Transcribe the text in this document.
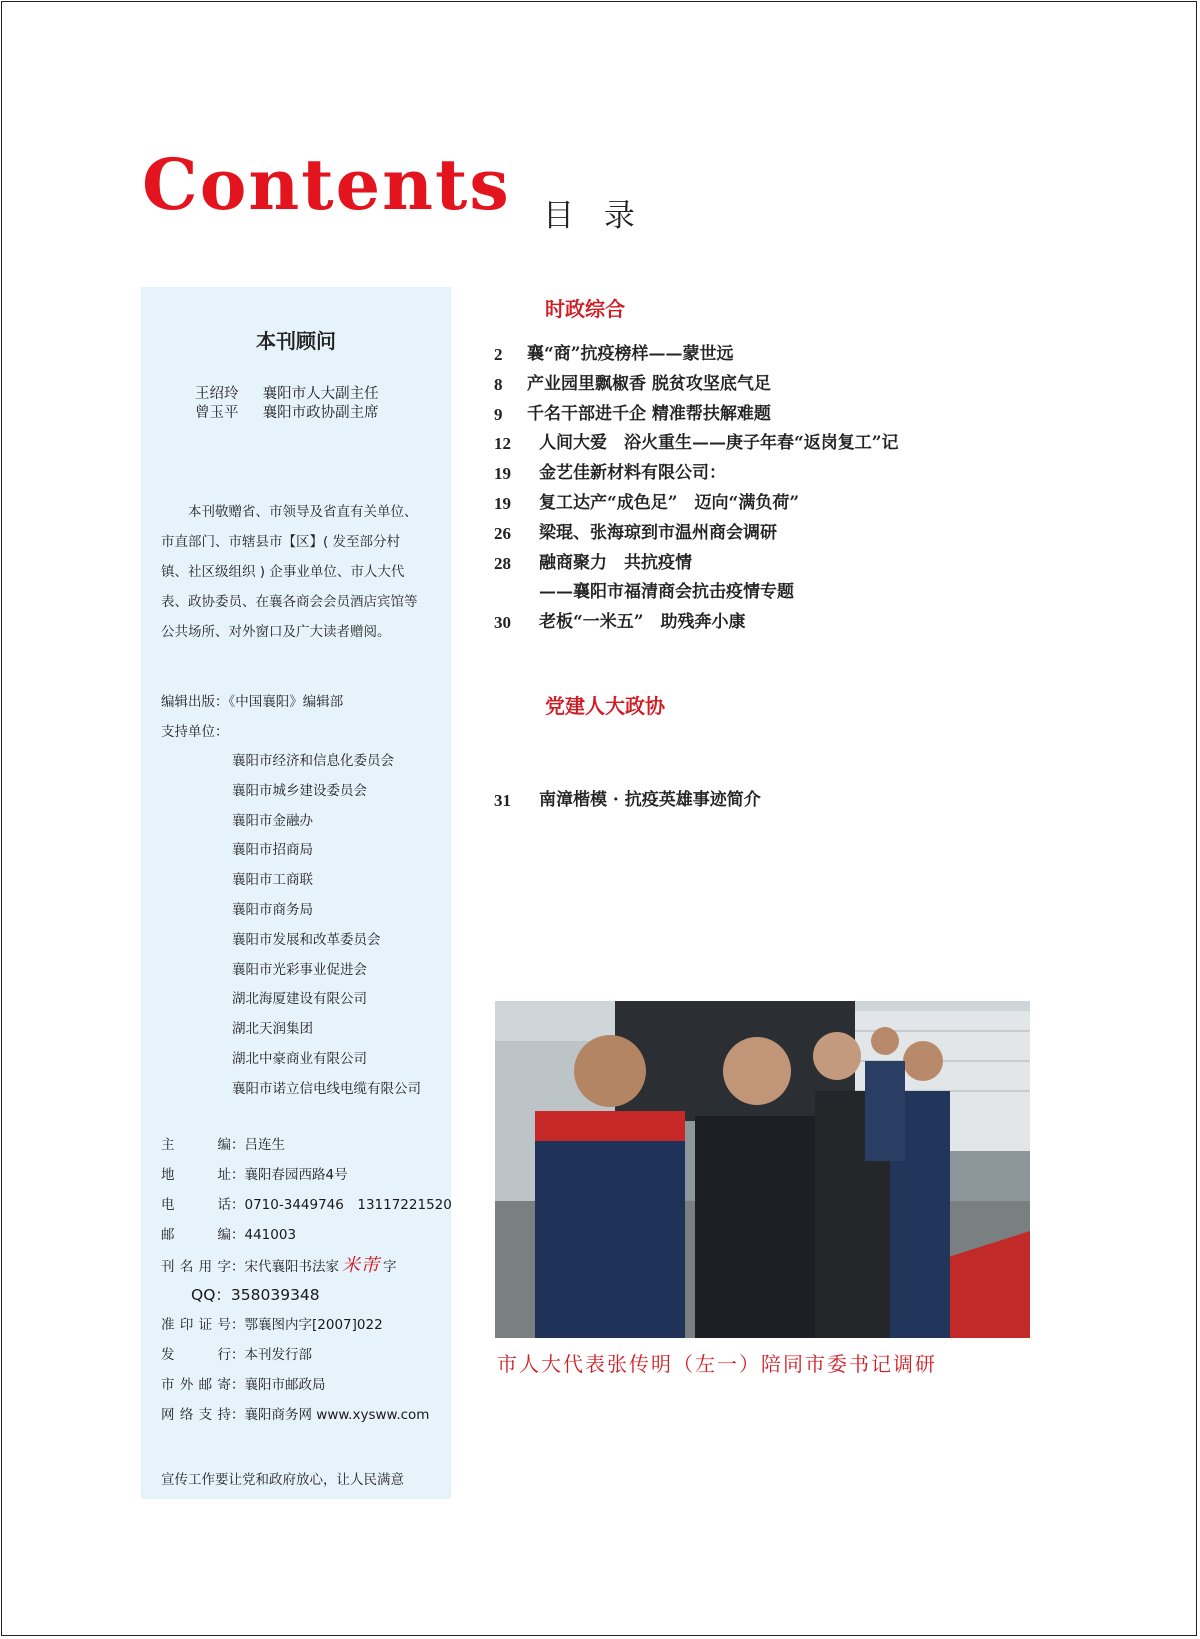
Contents 目 录
本刊顾问
王绍玲 襄阳市人大副主任
曾玉平 襄阳市政协副主席
本刊敬赠省、市领导及省直有关单位、市直部门、市辖县市【区】( 发至部分村镇、社区级组织 ) 企事业单位、市人大代表、政协委员、在襄各商会会员酒店宾馆等公共场所、对外窗口及广大读者赠阅。
编辑出版：《中国襄阳》编辑部
支持单位：
襄阳市经济和信息化委员会
襄阳市城乡建设委员会
襄阳市金融办
襄阳市招商局
襄阳市工商联
襄阳市商务局
襄阳市发展和改革委员会
襄阳市光彩事业促进会
湖北海厦建设有限公司
湖北天润集团
湖北中豪商业有限公司
襄阳市诺立信电线电缆有限公司
主 编：吕连生
地 址：襄阳春园西路4号
电 话：0710-3449746　13117221520
邮 编：441003
刊名用字：宋代襄阳书法家 米芾 字
QQ：358039348
准印证号：鄂襄图内字[2007]022
发 行：本刊发行部
市外邮寄：襄阳市邮政局
网络支持：襄阳商务网 www.xysww.com
宣传工作要让党和政府放心，让人民满意
时政综合
2 襄“商”抗疫榜样——蒙世远
8 产业园里飘椒香 脱贫攻坚底气足
9 千名干部进千企 精准帮扶解难题
12 人间大爱　浴火重生——庚子年春“返岗复工”记
19 金艺佳新材料有限公司：
19 复工达产“成色足”　迈向“满负荷”
26 梁琨、张海琼到市温州商会调研
28 融商聚力　共抗疫情
——襄阳市福清商会抗击疫情专题
30 老板“一米五”　助残奔小康
党建人大政协
31 南漳楷模 · 抗疫英雄事迹简介
市人大代表张传明（左一）陪同市委书记调研
